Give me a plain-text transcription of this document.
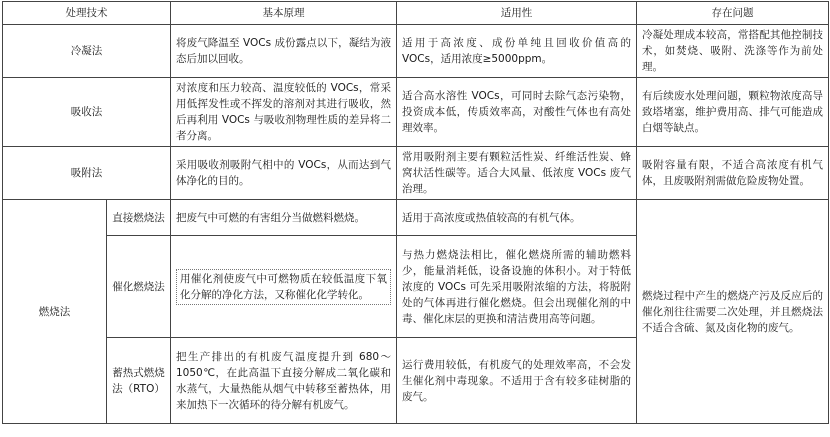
处理技术		基本原理	适用性	存在问题
冷凝法		将废气降温至 VOCs 成份露点以下，凝结为液态后加以回收。	适用于高浓度、成份单纯且回收价值高的 VOCs，适用浓度≥5000ppm。	冷凝处理成本较高，常搭配其他控制技术，如焚烧、吸附、洗涤等作为前处理。
吸收法		对浓度和压力较高、温度较低的 VOCs，常采用低挥发性或不挥发的溶剂对其进行吸收，然后再利用 VOCs 与吸收剂物理性质的差异将二者分离。	适合高水溶性 VOCs，可同时去除气态污染物，投资成本低，传质效率高，对酸性气体也有高处理效率。	有后续废水处理问题，颗粒物浓度高导致塔堵塞，维护费用高、排气可能造成白烟等缺点。
吸附法		采用吸收剂吸附气相中的 VOCs，从而达到气体净化的目的。	常用吸附剂主要有颗粒活性炭、纤维活性炭、蜂窝状活性碳等。适合大风量、低浓度 VOCs 废气治理。	吸附容量有限，不适合高浓度有机气体，且废吸附剂需做危险废物处置。
燃烧法	直接燃烧法	把废气中可燃的有害组分当做燃料燃烧。	适用于高浓度或热值较高的有机气体。	燃烧过程中产生的燃烧产污及反应后的催化剂往往需要二次处理，并且燃烧法不适合含硫、氮及卤化物的废气。
	催化燃烧法	用催化剂使废气中可燃物质在较低温度下氧化分解的净化方法，又称催化化学转化。	与热力燃烧法相比，催化燃烧所需的辅助燃料少，能量消耗低，设备设施的体积小。对于特低浓度的 VOCs 可先采用吸附浓缩的方法，将脱附处的气体再进行催化燃烧。但会出现催化剂的中毒、催化床层的更换和清洁费用高等问题。	
	蓄热式燃烧法（RTO）	把生产排出的有机废气温度提升到 680～1050℃，在此高温下直接分解成二氧化碳和水蒸气，大量热能从烟气中转移至蓄热体，用来加热下一次循环的待分解有机废气。	运行费用较低，有机废气的处理效率高，不会发生催化剂中毒现象。不适用于含有较多硅树脂的废气。	
